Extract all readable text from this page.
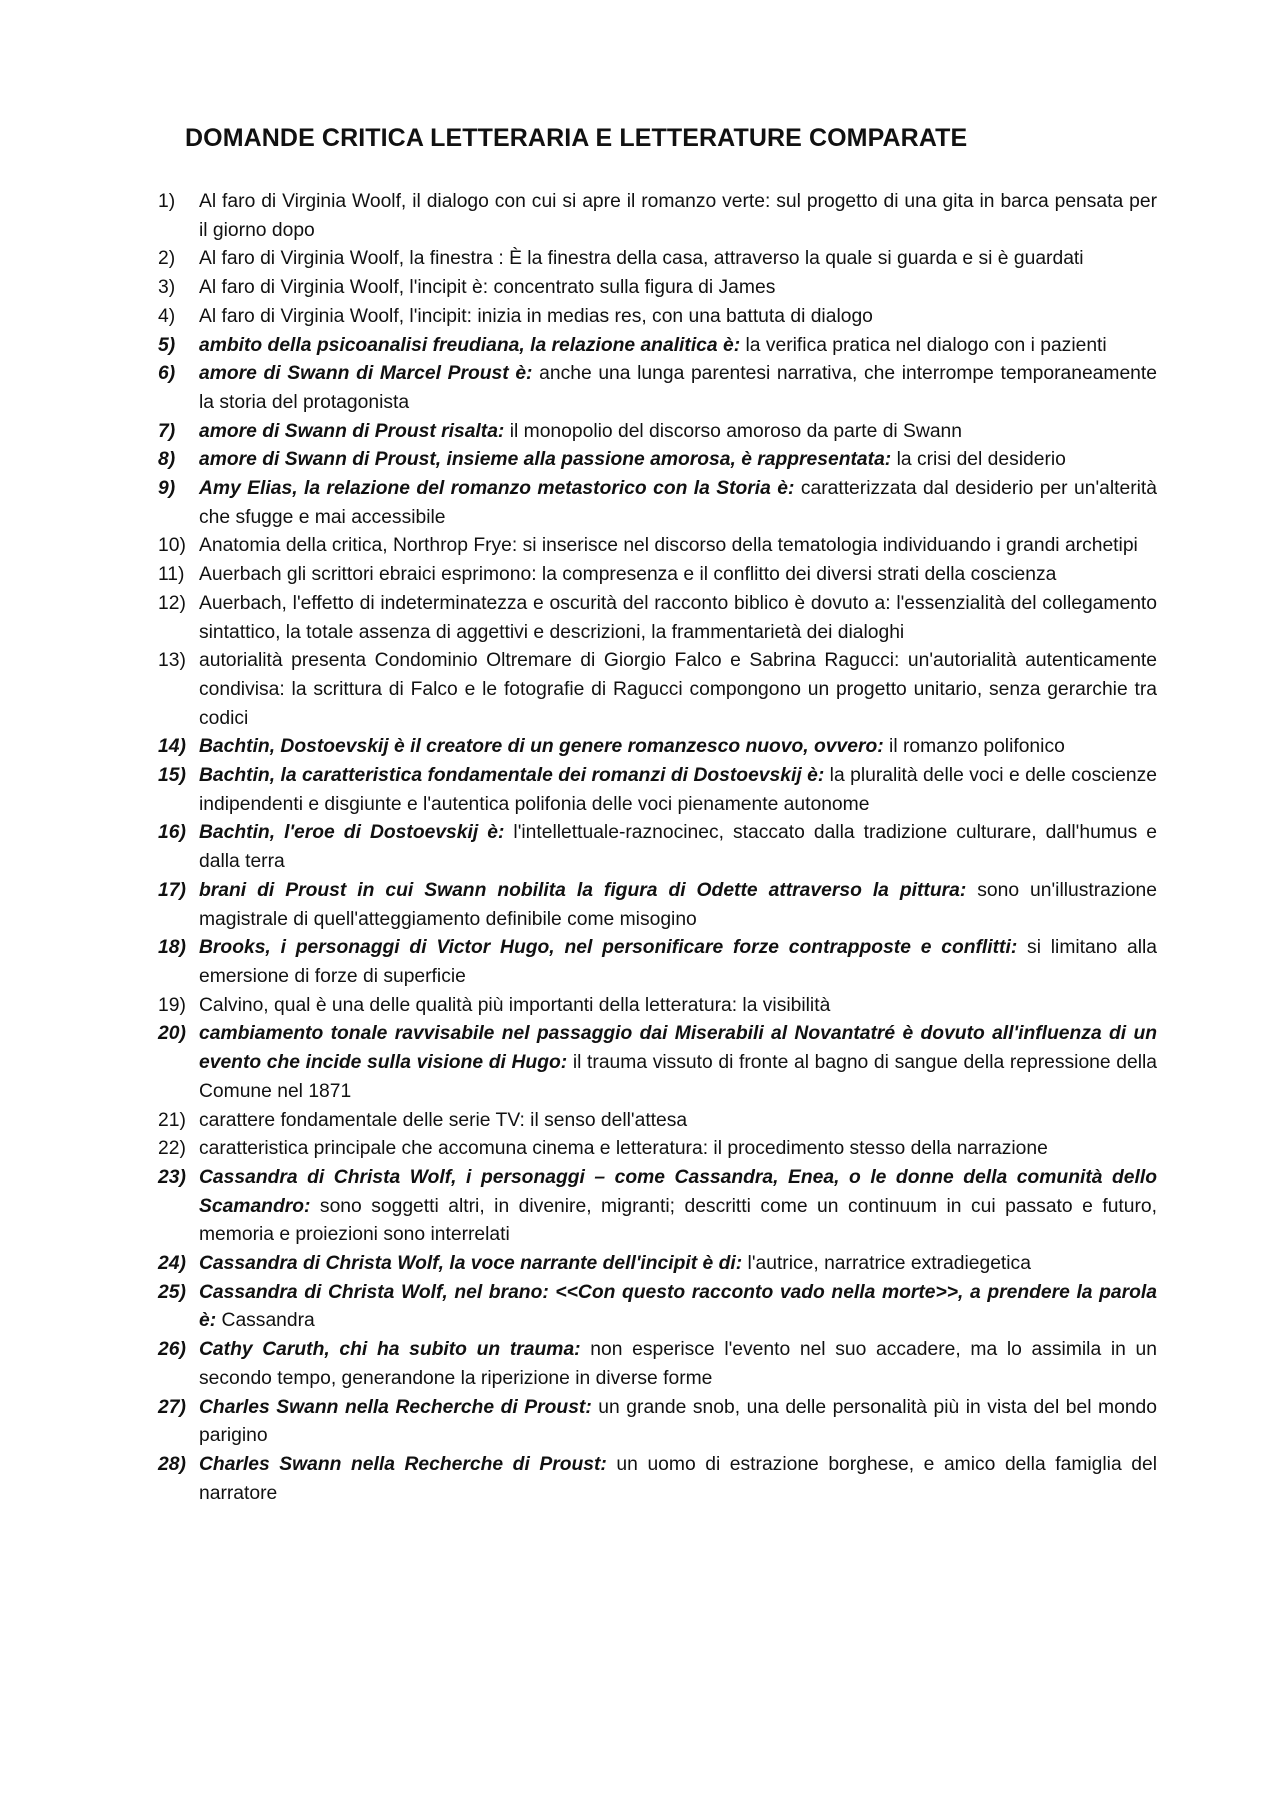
DOMANDE CRITICA LETTERARIA E LETTERATURE COMPARATE
1)	Al faro di Virginia Woolf, il dialogo con cui si apre il romanzo verte: sul progetto di una gita in barca pensata per il giorno dopo
2)	Al faro di Virginia Woolf, la finestra : È la finestra della casa, attraverso la quale si guarda e si è guardati
3)	Al faro di Virginia Woolf, l'incipit è: concentrato sulla figura di James
4)	Al faro di Virginia Woolf, l'incipit: inizia in medias res, con una battuta di dialogo
5)	ambito della psicoanalisi freudiana, la relazione analitica è: la verifica pratica nel dialogo con i pazienti
6)	amore di Swann di Marcel Proust è: anche una lunga parentesi narrativa, che interrompe temporaneamente la storia del protagonista
7)	amore di Swann di Proust risalta: il monopolio del discorso amoroso da parte di Swann
8)	amore di Swann di Proust, insieme alla passione amorosa, è rappresentata: la crisi del desiderio
9)	Amy Elias, la relazione del romanzo metastorico con la Storia è: caratterizzata dal desiderio per un'alterità che sfugge e mai accessibile
10) Anatomia della critica, Northrop Frye: si inserisce nel discorso della tematologia individuando i grandi archetipi
11) Auerbach gli scrittori ebraici esprimono: la compresenza e il conflitto dei diversi strati della coscienza
12) Auerbach, l'effetto di indeterminatezza e oscurità del racconto biblico è dovuto a: l'essenzialità del collegamento sintattico, la totale assenza di aggettivi e descrizioni, la frammentarietà dei dialoghi
13) autorialità presenta Condominio Oltremare di Giorgio Falco e Sabrina Ragucci: un'autorialità autenticamente condivisa: la scrittura di Falco e le fotografie di Ragucci compongono un progetto unitario, senza gerarchie tra codici
14) Bachtin, Dostoevskij è il creatore di un genere romanzesco nuovo, ovvero: il romanzo polifonico
15) Bachtin, la caratteristica fondamentale dei romanzi di Dostoevskij è: la pluralità delle voci e delle coscienze indipendenti e disgiunte e l'autentica polifonia delle voci pienamente autonome
16) Bachtin, l'eroe di Dostoevskij è: l'intellettuale-raznocinec, staccato dalla tradizione culturare, dall'humus e dalla terra
17) brani di Proust in cui Swann nobilita la figura di Odette attraverso la pittura: sono un'illustrazione magistrale di quell'atteggiamento definibile come misogino
18) Brooks, i personaggi di Victor Hugo, nel personificare forze contrapposte e conflitti: si limitano alla emersione di forze di superficie
19) Calvino, qual è una delle qualità più importanti della letteratura: la visibilità
20) cambiamento tonale ravvisabile nel passaggio dai Miserabili al Novantatré è dovuto all'influenza di un evento che incide sulla visione di Hugo: il trauma vissuto di fronte al bagno di sangue della repressione della Comune nel 1871
21) carattere fondamentale delle serie TV: il senso dell'attesa
22) caratteristica principale che accomuna cinema e letteratura: il procedimento stesso della narrazione
23) Cassandra di Christa Wolf, i personaggi – come Cassandra, Enea, o le donne della comunità dello Scamandro: sono soggetti altri, in divenire, migranti; descritti come un continuum in cui passato e futuro, memoria e proiezioni sono interrelati
24) Cassandra di Christa Wolf, la voce narrante dell'incipit è di: l'autrice, narratrice extradiegetica
25) Cassandra di Christa Wolf, nel brano: <<Con questo racconto vado nella morte>>, a prendere la parola è: Cassandra
26) Cathy Caruth, chi ha subito un trauma: non esperisce l'evento nel suo accadere, ma lo assimila in un secondo tempo, generandone la riperizione in diverse forme
27) Charles Swann nella Recherche di Proust: un grande snob, una delle personalità più in vista del bel mondo parigino
28) Charles Swann nella Recherche di Proust: un uomo di estrazione borghese, e amico della famiglia del narratore
